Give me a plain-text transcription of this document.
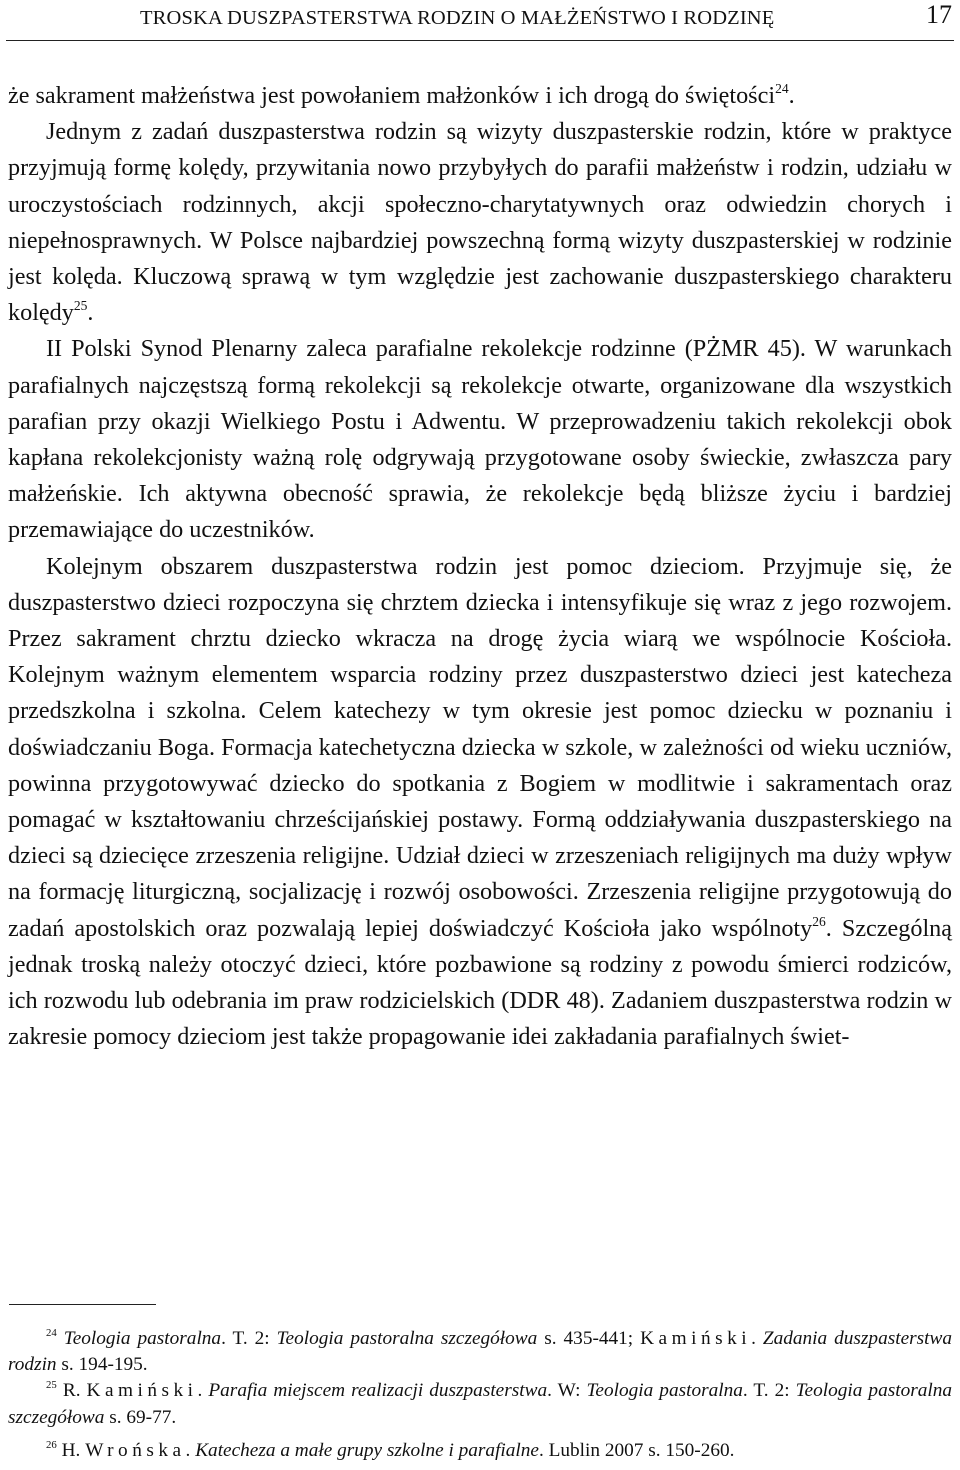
TROSKA DUSZPASTERSTWA RODZIN O MAŁŻEŃSTWO I RODZINĘ	17

że sakrament małżeństwa jest powołaniem małżonków i ich drogą do świętości$^{24}$.

Jednym z zadań duszpasterstwa rodzin są wizyty duszpasterskie rodzin, które w praktyce przyjmują formę kolędy, przywitania nowo przybyłych do parafii małżeństw i rodzin, udziału w uroczystościach rodzinnych, akcji społeczno-charytatywnych oraz odwiedzin chorych i niepełnosprawnych. W Polsce najbardziej powszechną formą wizyty duszpasterskiej w rodzinie jest kolęda. Kluczową sprawą w tym względzie jest zachowanie duszpasterskiego charakteru kolędy$^{25}$.

II Polski Synod Plenarny zaleca parafialne rekolekcje rodzinne (PŻMR 45). W warunkach parafialnych najczęstszą formą rekolekcji są rekolekcje otwarte, organizowane dla wszystkich parafian przy okazji Wielkiego Postu i Adwentu. W przeprowadzeniu takich rekolekcji obok kapłana rekolekcjonisty ważną rolę odgrywają przygotowane osoby świeckie, zwłaszcza pary małżeńskie. Ich aktywna obecność sprawia, że rekolekcje będą bliższe życiu i bardziej przemawiające do uczestników.

Kolejnym obszarem duszpasterstwa rodzin jest pomoc dzieciom. Przyjmuje się, że duszpasterstwo dzieci rozpoczyna się chrztem dziecka i intensyfikuje się wraz z jego rozwojem. Przez sakrament chrztu dziecko wkracza na drogę życia wiarą we wspólnocie Kościoła. Kolejnym ważnym elementem wsparcia rodziny przez duszpasterstwo dzieci jest katecheza przedszkolna i szkolna. Celem katechezy w tym okresie jest pomoc dziecku w poznaniu i doświadczaniu Boga. Formacja katechetyczna dziecka w szkole, w zależności od wieku uczniów, powinna przygotowywać dziecko do spotkania z Bogiem w modlitwie i sakramentach oraz pomagać w kształtowaniu chrześcijańskiej postawy. Formą oddziaływania duszpasterskiego na dzieci są dziecięce zrzeszenia religijne. Udział dzieci w zrzeszeniach religijnych ma duży wpływ na formację liturgiczną, socjalizację i rozwój osobowości. Zrzeszenia religijne przygotowują do zadań apostolskich oraz pozwalają lepiej doświadczyć Kościoła jako wspólnoty$^{26}$. Szczególną jednak troską należy otoczyć dzieci, które pozbawione są rodziny z powodu śmierci rodziców, ich rozwodu lub odebrania im praw rodzicielskich (DDR 48). Zadaniem duszpasterstwa rodzin w zakresie pomocy dzieciom jest także propagowanie idei zakładania parafialnych świet-

$^{24}$ Teologia pastoralna. T. 2: Teologia pastoralna szczegółowa s. 435-441; Kamiński. Zadania duszpasterstwa rodzin s. 194-195.

$^{25}$ R. Kamiński. Parafia miejscem realizacji duszpasterstwa. W: Teologia pastoralna. T. 2: Teologia pastoralna szczegółowa s. 69-77.

$^{26}$ H. Wrońska. Katecheza a małe grupy szkolne i parafialne. Lublin 2007 s. 150-260.
